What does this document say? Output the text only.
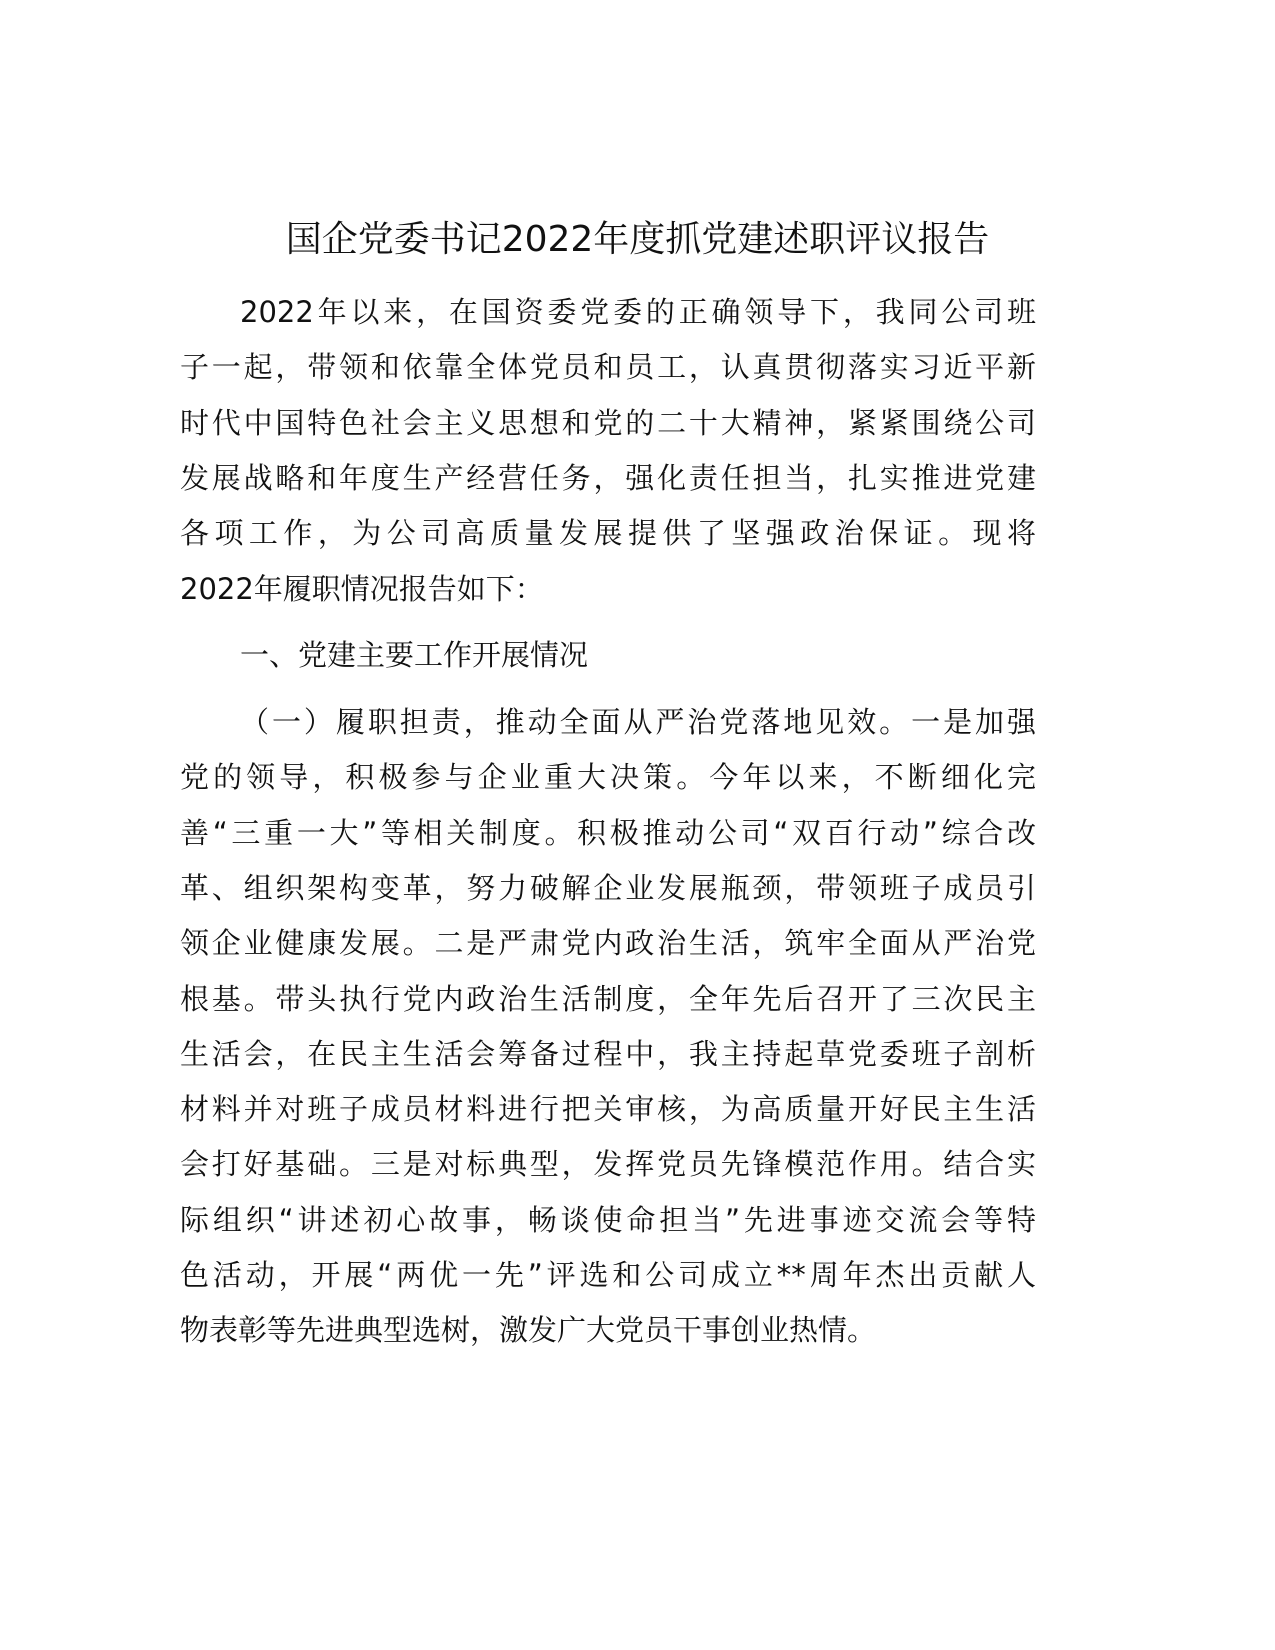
国企党委书记2022年度抓党建述职评议报告
2022年以来，在国资委党委的正确领导下，我同公司班
子一起，带领和依靠全体党员和员工，认真贯彻落实习近平新
时代中国特色社会主义思想和党的二十大精神，紧紧围绕公司
发展战略和年度生产经营任务，强化责任担当，扎实推进党建
各项工作，为公司高质量发展提供了坚强政治保证。现将
2022年履职情况报告如下：
一、党建主要工作开展情况
（一）履职担责，推动全面从严治党落地见效。一是加强
党的领导，积极参与企业重大决策。今年以来，不断细化完
善“三重一大”等相关制度。积极推动公司“双百行动”综合改
革、组织架构变革，努力破解企业发展瓶颈，带领班子成员引
领企业健康发展。二是严肃党内政治生活，筑牢全面从严治党
根基。带头执行党内政治生活制度，全年先后召开了三次民主
生活会，在民主生活会筹备过程中，我主持起草党委班子剖析
材料并对班子成员材料进行把关审核，为高质量开好民主生活
会打好基础。三是对标典型，发挥党员先锋模范作用。结合实
际组织“讲述初心故事，畅谈使命担当”先进事迹交流会等特
色活动，开展“两优一先”评选和公司成立**周年杰出贡献人
物表彰等先进典型选树，激发广大党员干事创业热情。
